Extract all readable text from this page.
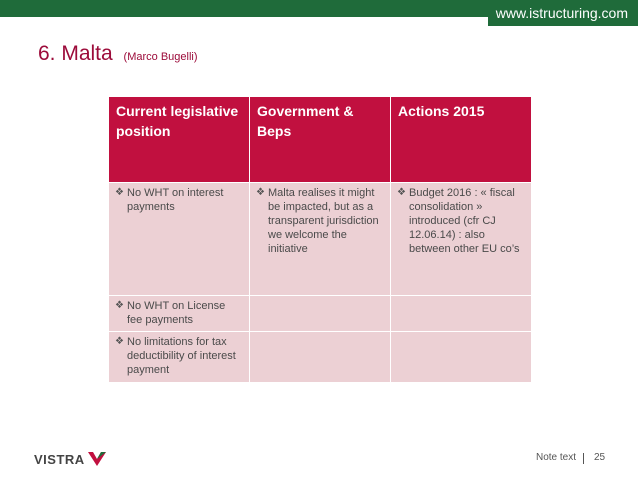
www.istructuring.com
6. Malta (Marco Bugelli)
Current legislative position	Government & Beps	Actions 2015

❖ No WHT on interest payments	❖ Malta realises it might be impacted, but as a transparent jurisdiction we welcome the initiative	❖ Budget 2016 : « fiscal consolidation » introduced (cfr CJ 12.06.14) : also between other EU co’s

❖ No WHT on License fee payments		

❖ No limitations for tax deductibility of interest payment		

VISTRA	Note text 25
